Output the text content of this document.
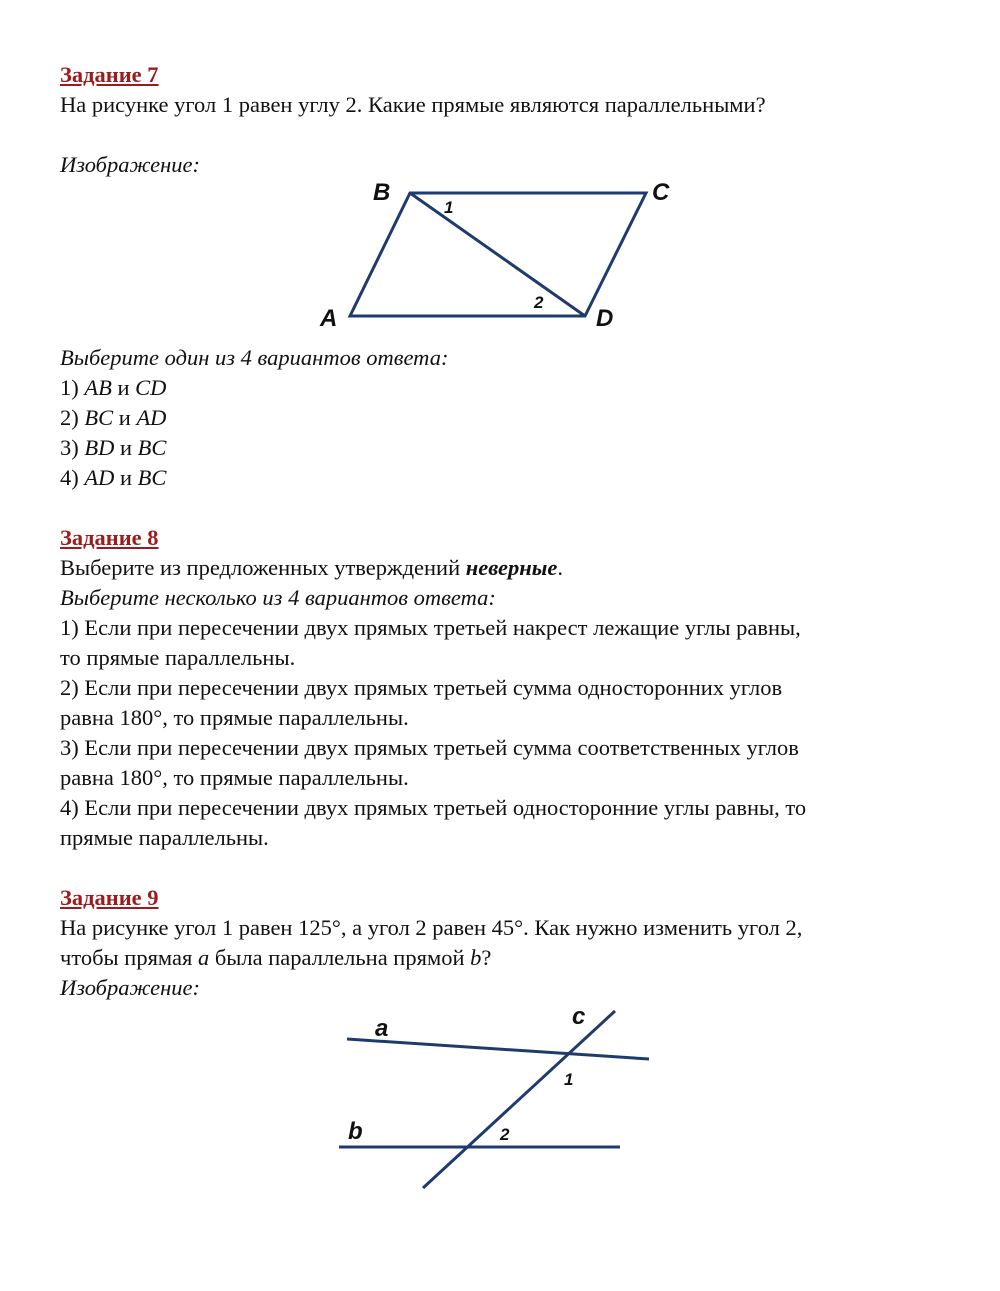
Задание 7
На рисунке угол 1 равен углу 2. Какие прямые являются параллельными?
Изображение:
B	C
A	D
1
2
Выберите один из 4 вариантов ответа:
1) AB и CD
2) BC и AD
3) BD и BC
4) AD и BC
Задание 8
Выберите из предложенных утверждений неверные.
Выберите несколько из 4 вариантов ответа:
1) Если при пересечении двух прямых третьей накрест лежащие углы равны,
то прямые параллельны.
2) Если при пересечении двух прямых третьей сумма односторонних углов
равна 180°, то прямые параллельны.
3) Если при пересечении двух прямых третьей сумма соответственных углов
равна 180°, то прямые параллельны.
4) Если при пересечении двух прямых третьей односторонние углы равны, то
прямые параллельны.
Задание 9
На рисунке угол 1 равен 125°, а угол 2 равен 45°. Как нужно изменить угол 2,
чтобы прямая a была параллельна прямой b?
Изображение:
a
b
c
1
2
